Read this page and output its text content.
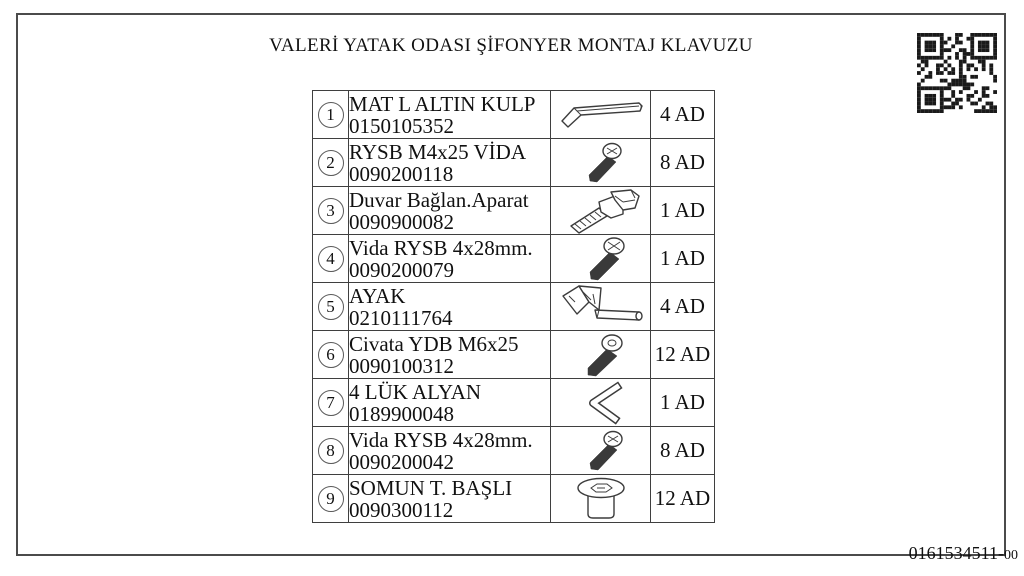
VALERİ YATAK ODASI ŞİFONYER MONTAJ KLAVUZU
1	MAT L ALTIN KULP
0150105352		4 AD
2	RYSB M4x25 VİDA
0090200118		8 AD
3	Duvar Bağlan.Aparat
0090900082		1 AD
4	Vida RYSB 4x28mm.
0090200079		1 AD
5	AYAK
0210111764		4 AD
6	Civata YDB M6x25
0090100312		12 AD
7	4 LÜK ALYAN
0189900048		1 AD
8	Vida RYSB 4x28mm.
0090200042		8 AD
9	SOMUN T. BAŞLI
0090300112		12 AD
0161534511-00
